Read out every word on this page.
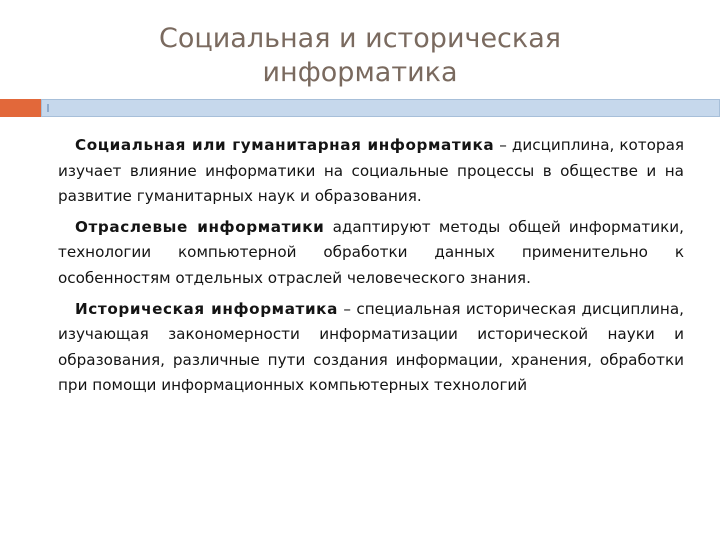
Социальная и историческая
информатика

Социальная или гуманитарная информатика – дисциплина, которая изучает влияние информатики на социальные процессы в обществе и на развитие гуманитарных наук и образования.

Отраслевые информатики адаптируют методы общей информатики, технологии компьютерной обработки данных применительно к особенностям отдельных отраслей человеческого знания.

Историческая информатика – специальная историческая дисциплина, изучающая закономерности информатизации исторической науки и образования, различные пути создания информации, хранения, обработки при помощи информационных компьютерных технологий
